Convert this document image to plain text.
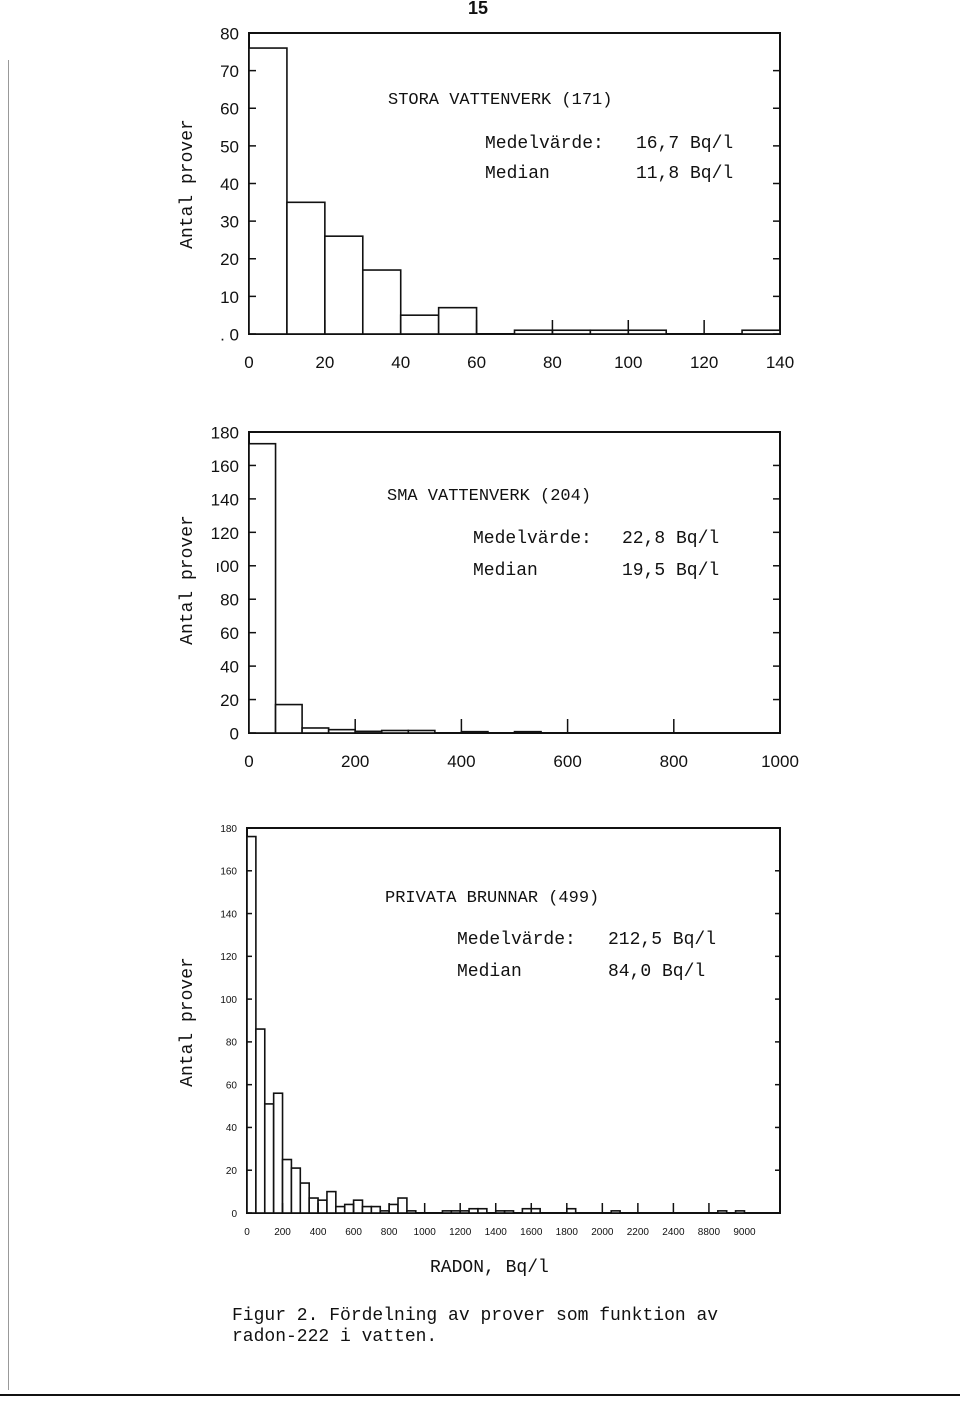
15
. 0
10
20
30
40
50
60
70
80
0	20	40	60	80	100	120	140
Antal prover
STORA VATTENVERK (171)
Medelvärde: 16,7 Bq/l
Median	11,8 Bq/l
0
20
40
60
80
ı00
120
140
160
180
0	200	400	600	800	1000
Antal prover
SMA VATTENVERK (204)
Medelvärde: 22,8 Bq/l
Median	19,5 Bq/l
0
20
40
60
80
100
120
140
160
180
0 200 400 600 800 1000 1200 1400 1600 1800 2000 2200 2400 8800 9000
Antal prover
PRIVATA BRUNNAR (499)
Medelvärde: 212,5 Bq/l
Median	84,0 Bq/l
RADON, Bq/l
Figur 2. Fördelning av prover som funktion av
radon-222 i vatten.
